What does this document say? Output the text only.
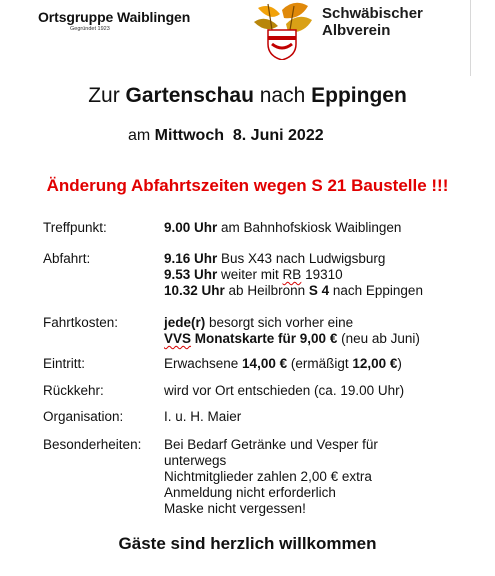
Ortsgruppe Waiblingen
Gegründet 1923
Schwäbischer
Albverein
Zur Gartenschau nach Eppingen
am Mittwoch 8. Juni 2022
Änderung Abfahrtszeiten wegen S 21 Baustelle !!!
Treffpunkt:	9.00 Uhr am Bahnhofskiosk Waiblingen
Abfahrt:	9.16 Uhr Bus X43 nach Ludwigsburg
9.53 Uhr weiter mit RB 19310
10.32 Uhr ab Heilbronn S 4 nach Eppingen
Fahrtkosten:	jede(r) besorgt sich vorher eine
VVS Monatskarte für 9,00 € (neu ab Juni)
Eintritt:	Erwachsene 14,00 € (ermäßigt 12,00 €)
Rückkehr:	wird vor Ort entschieden (ca. 19.00 Uhr)
Organisation:	I. u. H. Maier
Besonderheiten: Bei Bedarf Getränke und Vesper für
unterwegs
Nichtmitglieder zahlen 2,00 € extra
Anmeldung nicht erforderlich
Maske nicht vergessen!
Gäste sind herzlich willkommen
